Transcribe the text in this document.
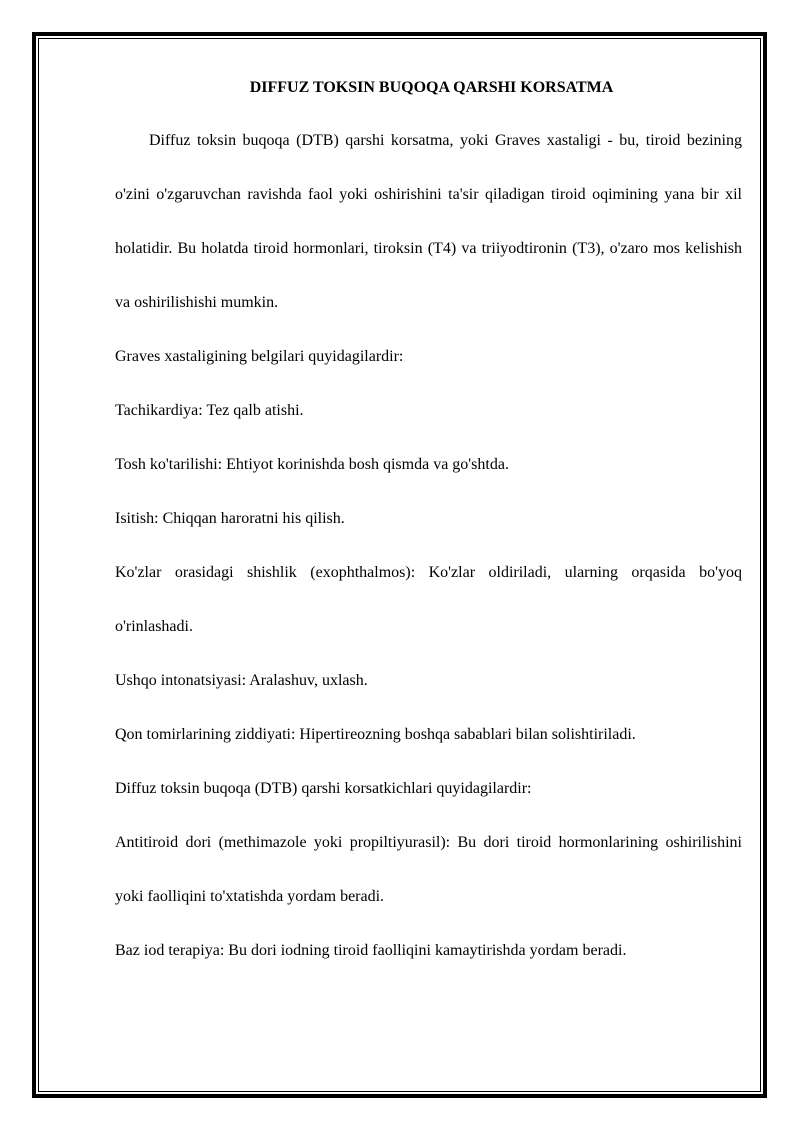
DIFFUZ TOKSIN BUQOQA QARSHI KORSATMA

Diffuz toksin buqoqa (DTB) qarshi korsatma, yoki Graves xastaligi - bu, tiroid bezining o'zini o'zgaruvchan ravishda faol yoki oshirishini ta'sir qiladigan tiroid oqimining yana bir xil holatidir. Bu holatda tiroid hormonlari, tiroksin (T4) va triiyodtironin (T3), o'zaro mos kelishish va oshirilishishi mumkin.

Graves xastaligining belgilari quyidagilardir:

Tachikardiya: Tez qalb atishi.

Tosh ko'tarilishi: Ehtiyot korinishda bosh qismda va go'shtda.

Isitish: Chiqqan haroratni his qilish.

Ko'zlar orasidagi shishlik (exophthalmos): Ko'zlar oldiriladi, ularning orqasida bo'yoq o'rinlashadi.

Ushqo intonatsiyasi: Aralashuv, uxlash.

Qon tomirlarining ziddiyati: Hipertireozning boshqa sabablari bilan solishtiriladi.

Diffuz toksin buqoqa (DTB) qarshi korsatkichlari quyidagilardir:

Antitiroid dori (methimazole yoki propiltiyurasil): Bu dori tiroid hormonlarining oshirilishini yoki faolliqini to'xtatishda yordam beradi.

Baz iod terapiya: Bu dori iodning tiroid faolliqini kamaytirishda yordam beradi.
